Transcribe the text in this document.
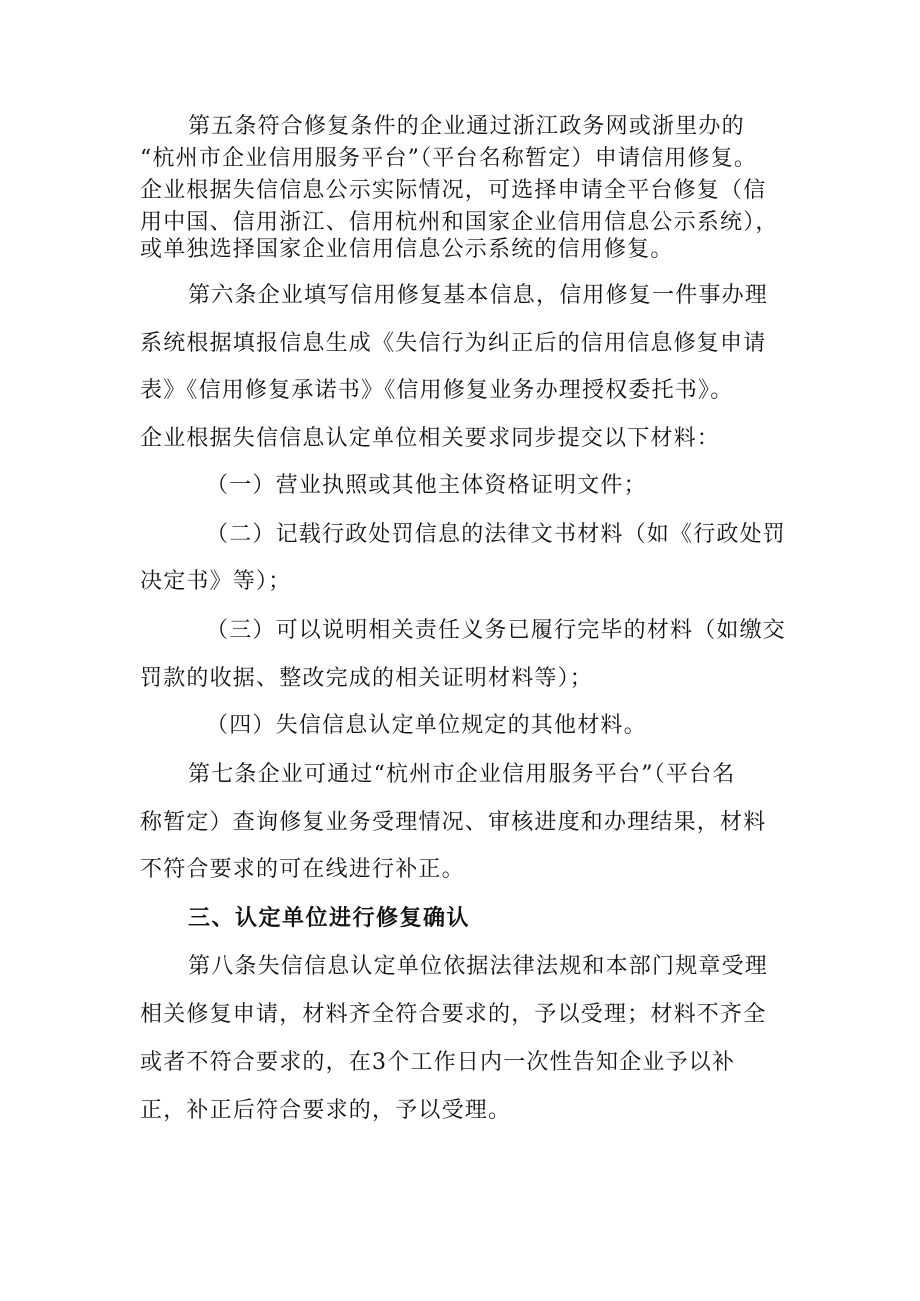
第五条符合修复条件的企业通过浙江政务网或浙里办的
“杭州市企业信用服务平台”（平台名称暂定）申请信用修复。
企业根据失信信息公示实际情况，可选择申请全平台修复（信
用中国、信用浙江、信用杭州和国家企业信用信息公示系统），
或单独选择国家企业信用信息公示系统的信用修复。
第六条企业填写信用修复基本信息，信用修复一件事办理
系统根据填报信息生成《失信行为纠正后的信用信息修复申请
表》《信用修复承诺书》《信用修复业务办理授权委托书》。
企业根据失信信息认定单位相关要求同步提交以下材料：
（一）营业执照或其他主体资格证明文件；
（二）记载行政处罚信息的法律文书材料（如《行政处罚
决定书》等）；
（三）可以说明相关责任义务已履行完毕的材料（如缴交
罚款的收据、整改完成的相关证明材料等）；
（四）失信信息认定单位规定的其他材料。
第七条企业可通过“杭州市企业信用服务平台”（平台名
称暂定）查询修复业务受理情况、审核进度和办理结果，材料
不符合要求的可在线进行补正。
三、认定单位进行修复确认
第八条失信信息认定单位依据法律法规和本部门规章受理
相关修复申请，材料齐全符合要求的，予以受理；材料不齐全
或者不符合要求的，在3个工作日内一次性告知企业予以补
正，补正后符合要求的，予以受理。
